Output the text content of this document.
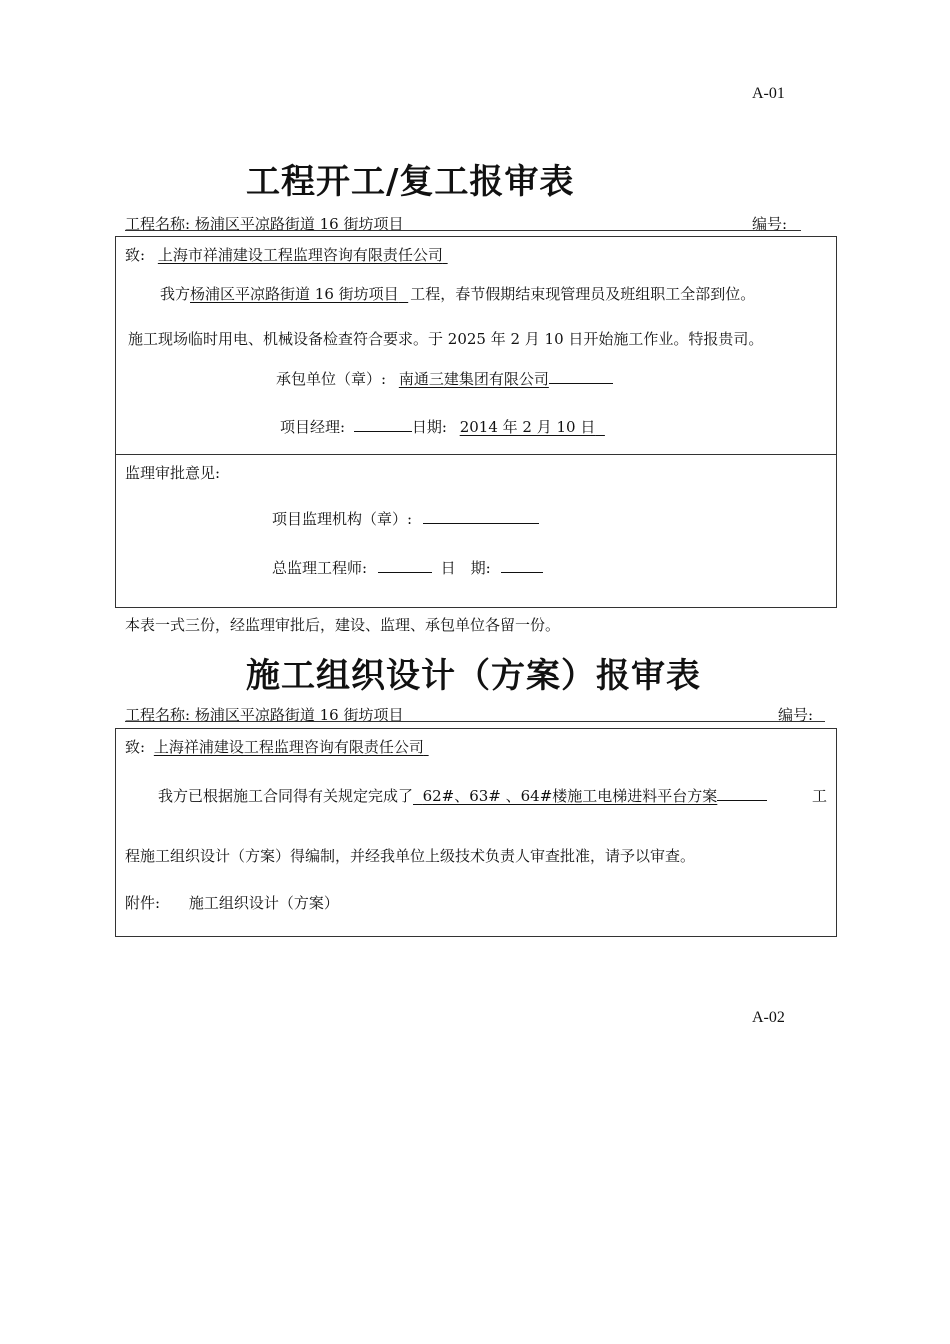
A-01
工程开工/复工报审表
工程名称: 杨浦区平凉路街道 16 街坊项目	编号:
致: 上海市祥浦建设工程监理咨询有限责任公司
我方杨浦区平凉路街道 16 街坊项目 工程，春节假期结束现管理员及班组职工全部到位。
施工现场临时用电、机械设备检查符合要求。于 2025 年 2 月 10 日开始施工作业。特报贵司。
承包单位（章）: 南通三建集团有限公司
项目经理:	日期: 2014 年 2 月 10 日
监理审批意见:
项目监理机构（章）:
总监理工程师:	日　期:
本表一式三份，经监理审批后，建设、监理、承包单位各留一份。
施工组织设计（方案）报审表
工程名称: 杨浦区平凉路街道 16 街坊项目	编号:
致: 上海祥浦建设工程监理咨询有限责任公司
我方已根据施工合同得有关规定完成了 62#、63# 、64#楼施工电梯进料平台方案	工
程施工组织设计（方案）得编制，并经我单位上级技术负责人审查批准，请予以审查。
附件: 施工组织设计（方案）
A-02
